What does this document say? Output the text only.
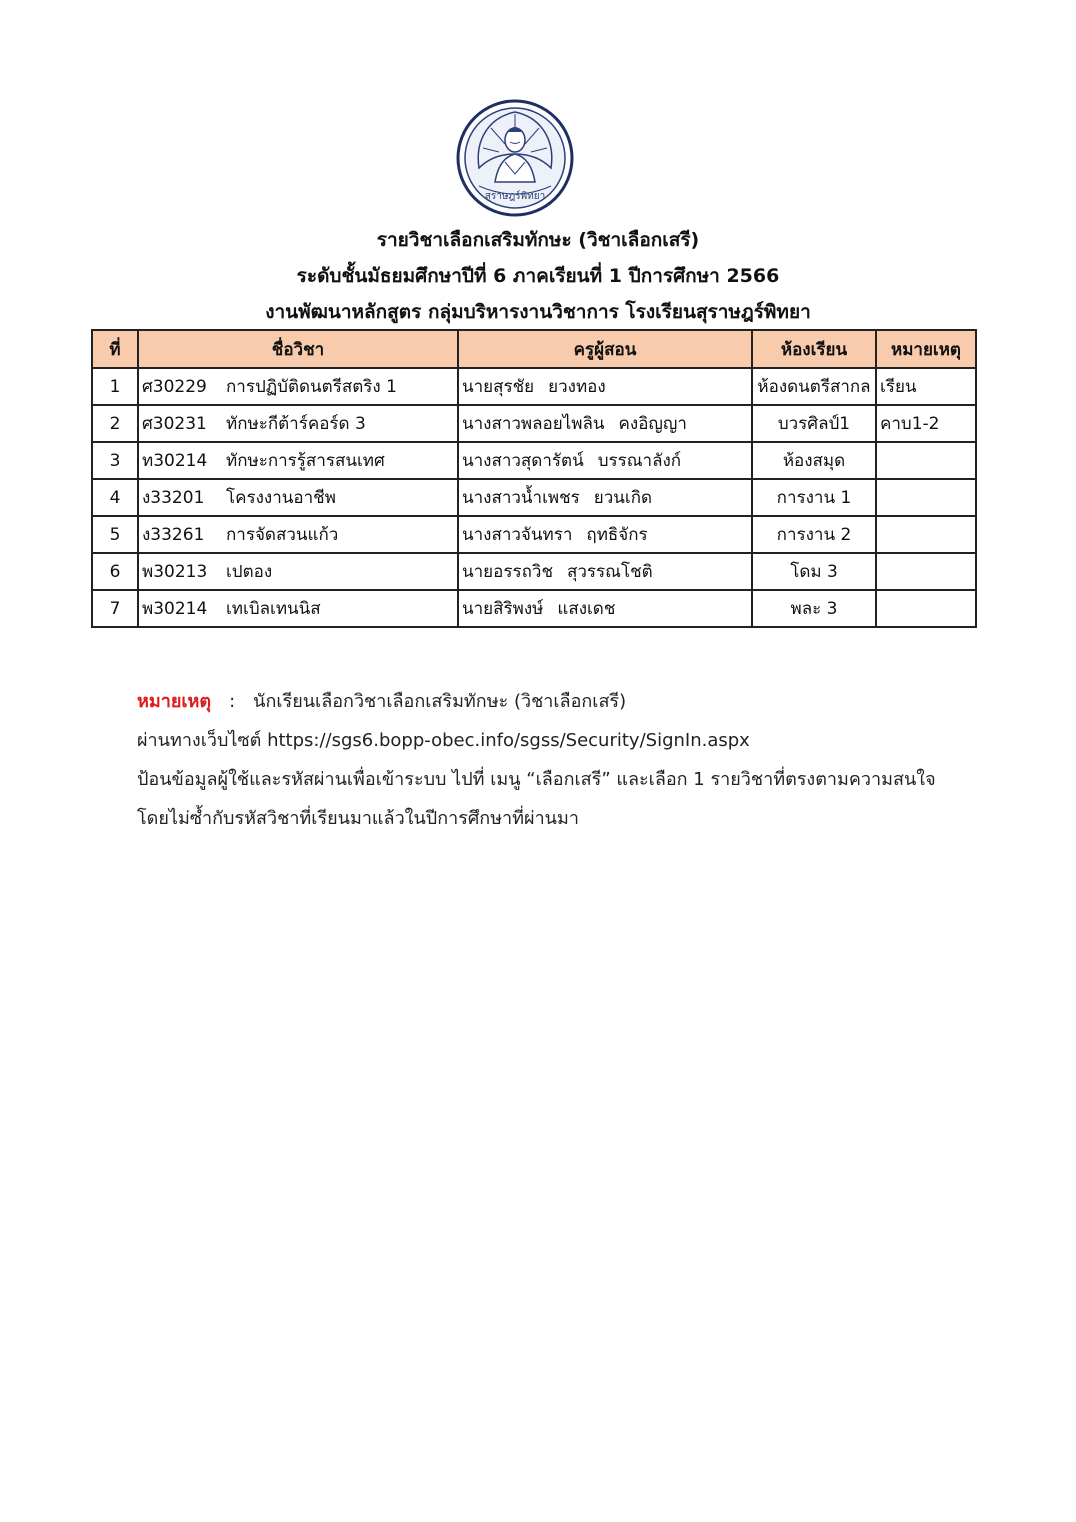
สุราษฎร์พิทยา
รายวิชาเลือกเสริมทักษะ (วิชาเลือกเสรี)
ระดับชั้นมัธยมศึกษาปีที่ 6 ภาคเรียนที่ 1 ปีการศึกษา 2566
งานพัฒนาหลักสูตร กลุ่มบริหารงานวิชาการ โรงเรียนสุราษฎร์พิทยา
ที่	ชื่อวิชา	ครูผู้สอน	ห้องเรียน	หมายเหตุ
1	ศ30229 การปฏิบัติดนตรีสตริง 1	นายสุรชัย ยวงทอง	ห้องดนตรีสากล	เรียน
2	ศ30231 ทักษะกีต้าร์คอร์ด 3	นางสาวพลอยไพลิน คงอิญญา	บวรศิลป์1	คาบ1-2
3	ท30214 ทักษะการรู้สารสนเทศ	นางสาวสุดารัตน์ บรรณาลังก์	ห้องสมุด	
4	ง33201 โครงงานอาชีพ	นางสาวน้ำเพชร ยวนเกิด	การงาน 1	
5	ง33261 การจัดสวนแก้ว	นางสาวจันทรา ฤทธิจักร	การงาน 2	
6	พ30213 เปตอง	นายอรรถวิช สุวรรณโชติ	โดม 3	
7	พ30214 เทเบิลเทนนิส	นายสิริพงษ์ แสงเดช	พละ 3	
หมายเหตุ : นักเรียนเลือกวิชาเลือกเสริมทักษะ (วิชาเลือกเสรี)
ผ่านทางเว็บไซต์ https://sgs6.bopp-obec.info/sgss/Security/SignIn.aspx
ป้อนข้อมูลผู้ใช้และรหัสผ่านเพื่อเข้าระบบ ไปที่ เมนู “เลือกเสรี” และเลือก 1 รายวิชาที่ตรงตามความสนใจ
โดยไม่ซ้ำกับรหัสวิชาที่เรียนมาแล้วในปีการศึกษาที่ผ่านมา
